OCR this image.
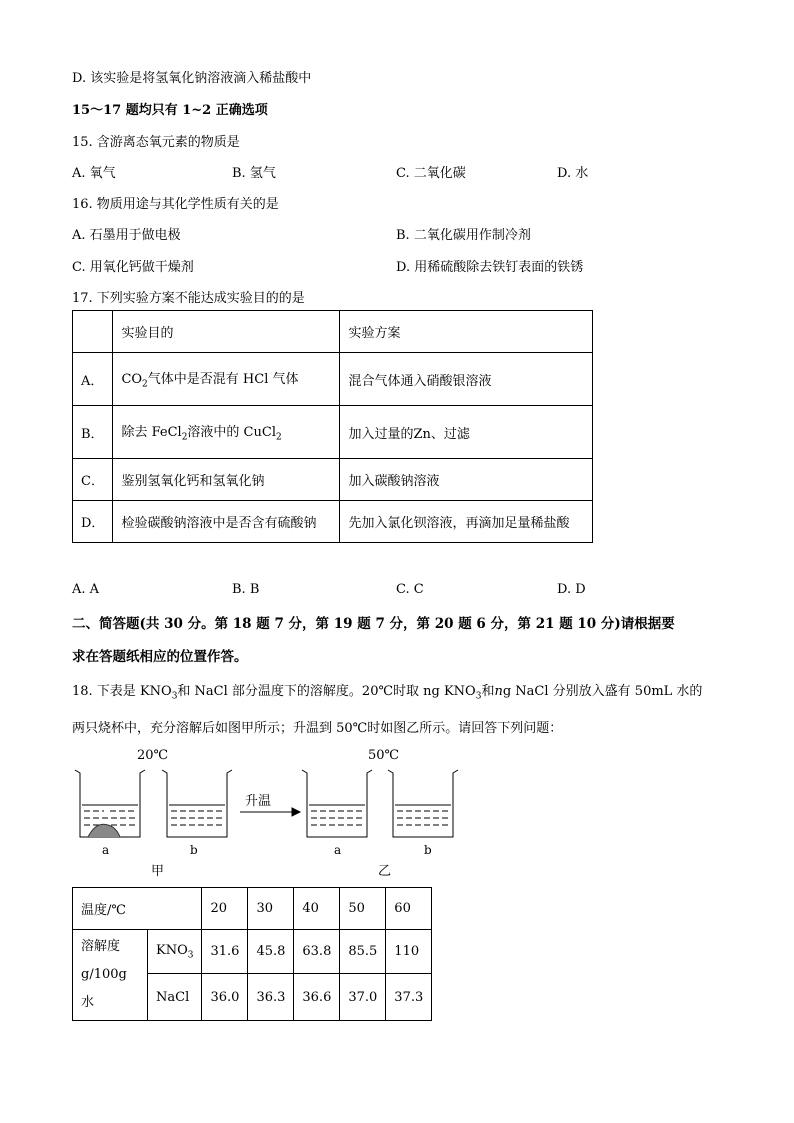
D. 该实验是将氢氧化钠溶液滴入稀盐酸中
15～17 题均只有 1~2 正确选项
15. 含游离态氧元素的物质是
A. 氧气	B. 氢气	C. 二氧化碳	D. 水
16. 物质用途与其化学性质有关的是
A. 石墨用于做电极	B. 二氧化碳用作制冷剂
C. 用氧化钙做干燥剂	D. 用稀硫酸除去铁钉表面的铁锈
17. 下列实验方案不能达成实验目的的是
	实验目的	实验方案
A．	$CO_2$气体中是否混有 HCl 气体	混合气体通入硝酸银溶液
B．	除去 FeCl$_2$溶液中的 CuCl$_2$	加入过量的Zn、过滤
C．	鉴别氢氧化钙和氢氧化钠	加入碳酸钠溶液
D．	检验碳酸钠溶液中是否含有硫酸钠	先加入氯化钡溶液，再滴加足量稀盐酸
A. A	B. B	C. C	D. D
二、简答题(共 30 分。第 18 题 7 分，第 19 题 7 分，第 20 题 6 分，第 21 题 10 分)请根据要
求在答题纸相应的位置作答。
18. 下表是 $KNO_3$和 NaCl 部分温度下的溶解度。20℃时取 ng $KNO_3$和ng NaCl 分别放入盛有 50mL 水的
两只烧杯中，充分溶解后如图甲所示；升温到 50℃时如图乙所示。请回答下列问题：
20℃	50℃
升温
a	b	a	b
甲	乙
温度/℃		20	30	40	50	60

溶解度
g/100g 水	$KNO_3$	31.6	45.8	63.8	85.5	110
	NaCl	36.0	36.3	36.6	37.0	37.3
